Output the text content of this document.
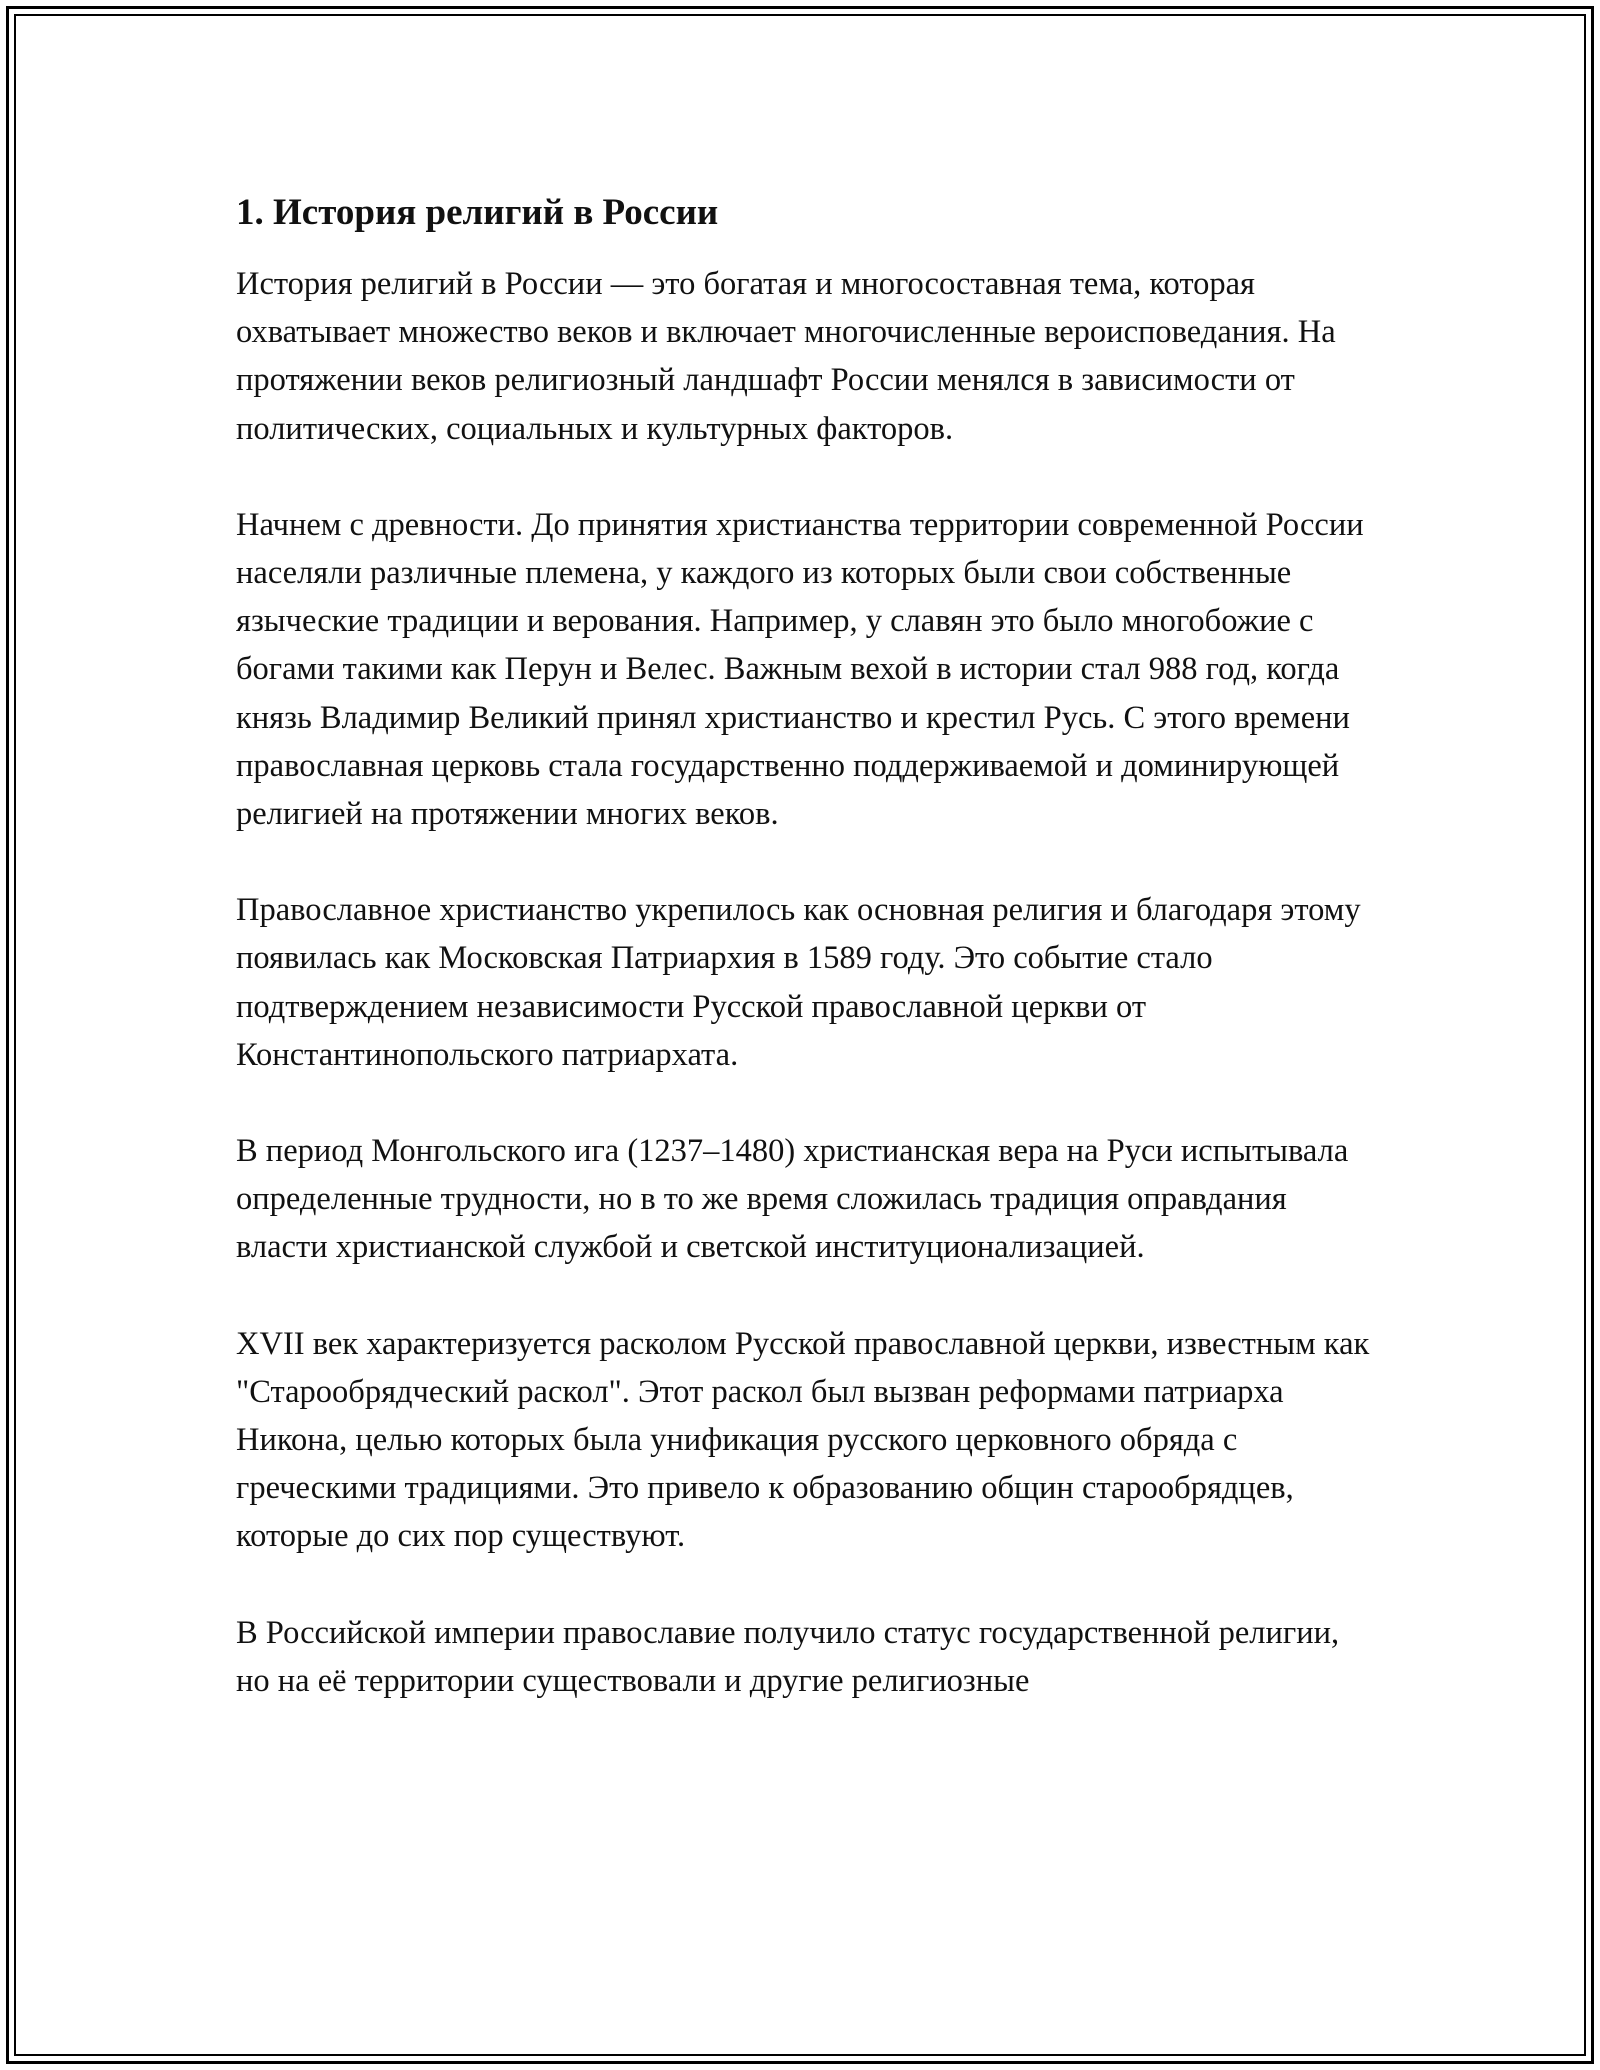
1. История религий в России

История религий в России — это богатая и многосоставная тема, которая охватывает множество веков и включает многочисленные вероисповедания. На протяжении веков религиозный ландшафт России менялся в зависимости от политических, социальных и культурных факторов.

Начнем с древности. До принятия христианства территории современной России населяли различные племена, у каждого из которых были свои собственные языческие традиции и верования. Например, у славян это было многобожие с богами такими как Перун и Велес. Важным вехой в истории стал 988 год, когда князь Владимир Великий принял христианство и крестил Русь. С этого времени православная церковь стала государственно поддерживаемой и доминирующей религией на протяжении многих веков.

Православное христианство укрепилось как основная религия и благодаря этому появилась как Московская Патриархия в 1589 году. Это событие стало подтверждением независимости Русской православной церкви от Константинопольского патриархата.

В период Монгольского ига (1237–1480) христианская вера на Руси испытывала определенные трудности, но в то же время сложилась традиция оправдания власти христианской службой и светской институционализацией.

XVII век характеризуется расколом Русской православной церкви, известным как "Старообрядческий раскол". Этот раскол был вызван реформами патриарха Никона, целью которых была унификация русского церковного обряда с греческими традициями. Это привело к образованию общин старообрядцев, которые до сих пор существуют.

В Российской империи православие получило статус государственной религии, но на её территории существовали и другие религиозные
